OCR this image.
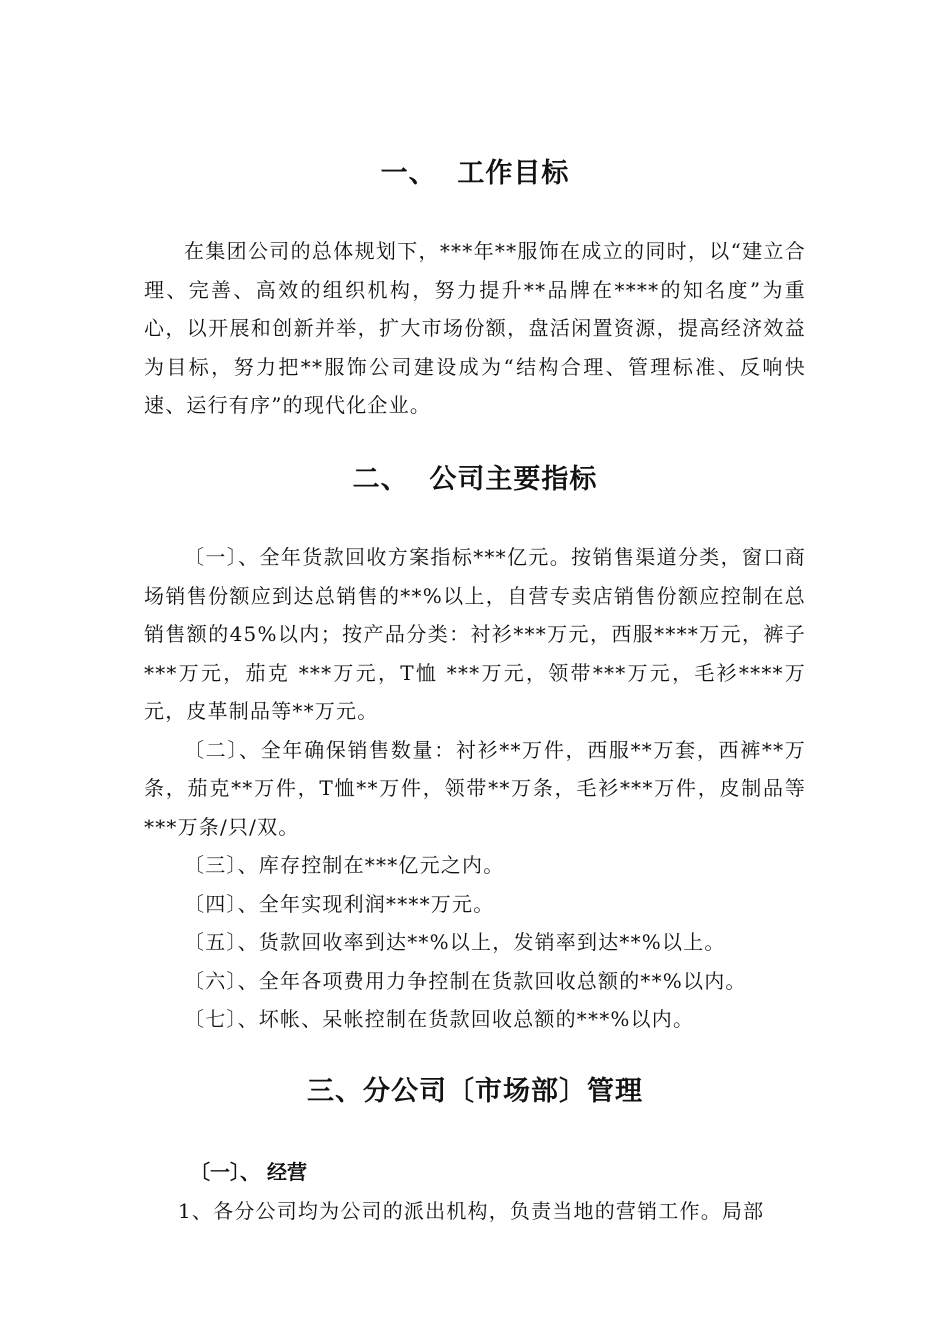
一、  工作目标

在集团公司的总体规划下，***年**服饰在成立的同时，以“建立合理、完善、高效的组织机构，努力提升**品牌在****的知名度”为重心，以开展和创新并举，扩大市场份额，盘活闲置资源，提高经济效益为目标，努力把**服饰公司建设成为“结构合理、管理标准、反响快速、运行有序”的现代化企业。

二、  公司主要指标

〔一〕、全年货款回收方案指标***亿元。按销售渠道分类，窗口商场销售份额应到达总销售的**%以上，自营专卖店销售份额应控制在总销售额的45%以内；按产品分类：衬衫***万元，西服****万元，裤子***万元，茄克 ***万元，T恤 ***万元，领带***万元，毛衫****万元，皮革制品等**万元。

〔二〕、全年确保销售数量：衬衫**万件，西服**万套，西裤**万条，茄克**万件，T恤**万件，领带**万条，毛衫***万件，皮制品等***万条/只/双。

〔三〕、库存控制在***亿元之内。

〔四〕、全年实现利润****万元。

〔五〕、货款回收率到达**%以上，发销率到达**%以上。

〔六〕、全年各项费用力争控制在货款回收总额的**%以内。

〔七〕、坏帐、呆帐控制在货款回收总额的***%以内。

三、分公司〔市场部〕管理
〔一〕、 经营

1、各分公司均为公司的派出机构，负责当地的营销工作。局部
